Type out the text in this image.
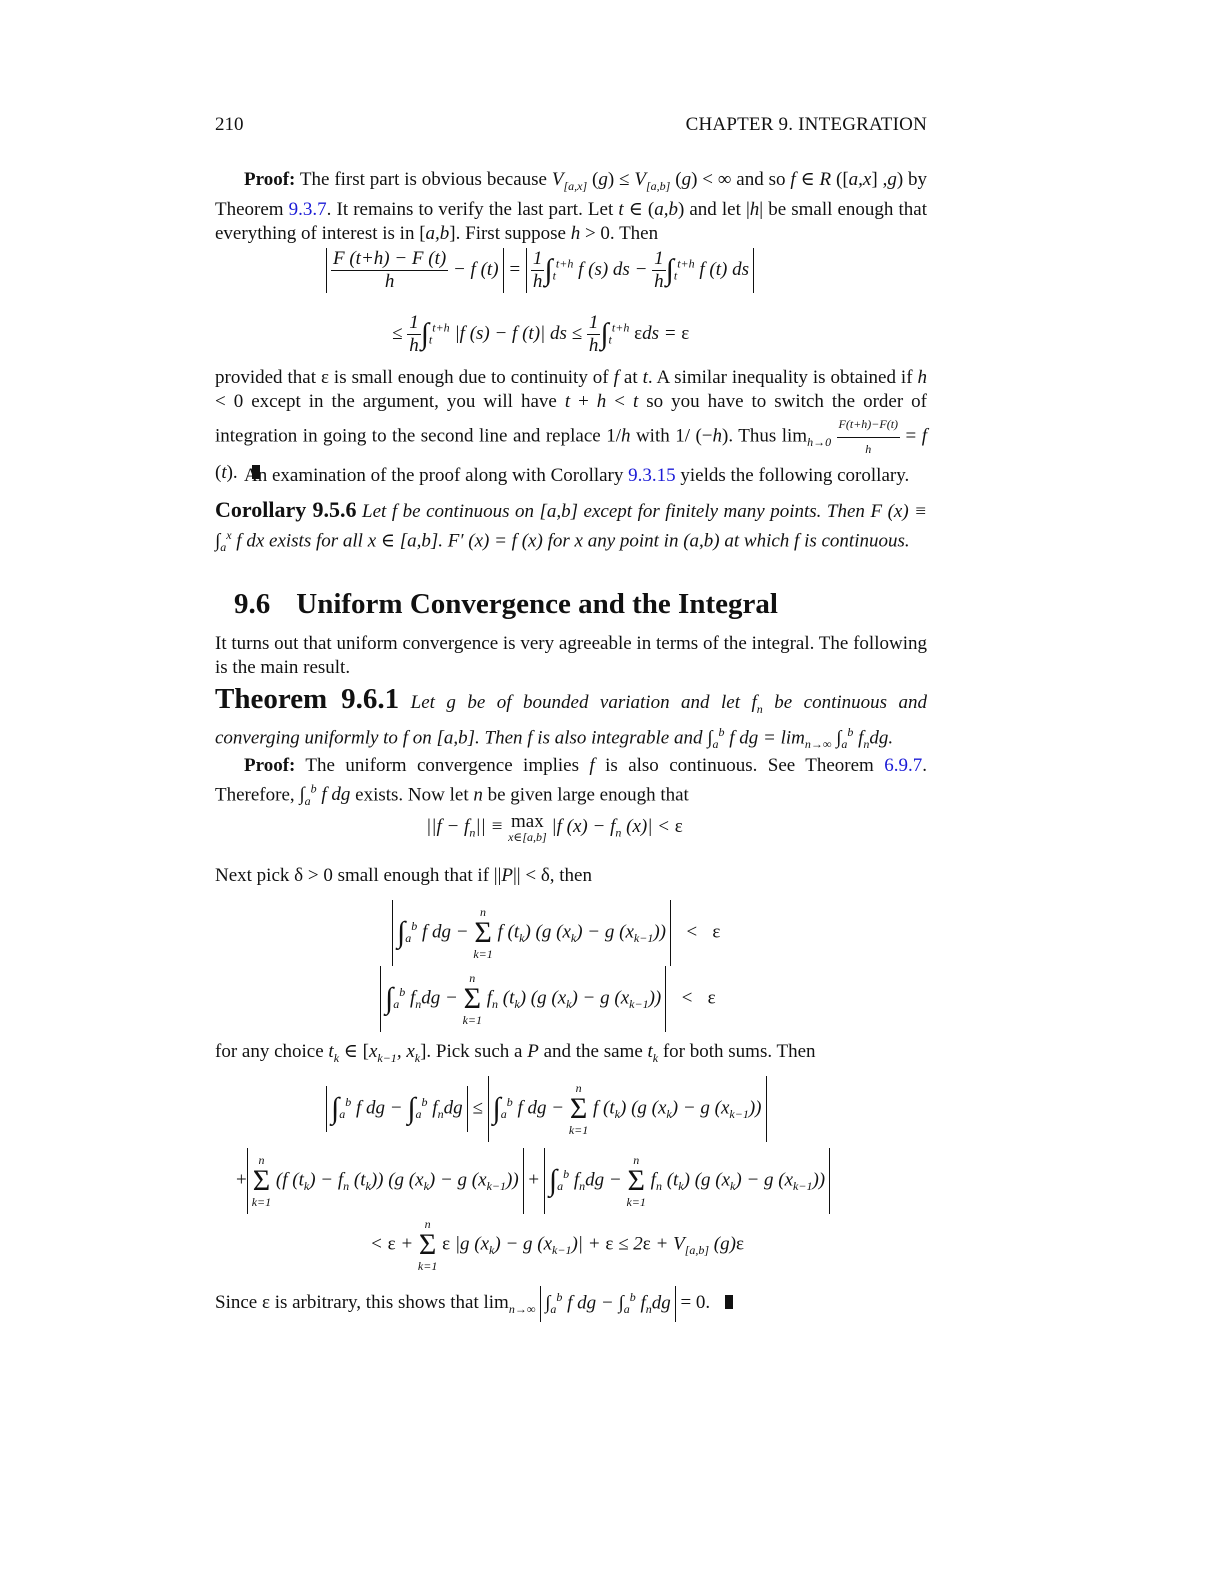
210	CHAPTER 9. INTEGRATION
Proof: The first part is obvious because $V_{[a,x]}$ $(g) \le V_{[a,b]}$ (g) < ∞ and so f ∈ R ([a,x] ,g) by Theorem 9.3.7. It remains to verify the last part. Let t ∈ (a,b) and let |h| be small enough that everything of interest is in [a,b]. First suppose h > 0. Then
$\frac{F (t+h) - F (t)}{h} - f$ $(t) = \frac{1}{h} \int_t^{t+h}$ f (s) ds − $\frac{1}{h} \int_t^{t+h}$ f (t) ds
≤ $\frac{1}{h} \int_t^{t+h}$ |f (s) − f (t)| ds ≤ $\frac{1}{h} \int_t^{t+h}$ εds = ε
provided that ε is small enough due to continuity of f at t. A similar inequality is obtained if h < 0 except in the argument, you will have t + h < t so you have to switch the order of integration in going to the second line and replace 1/h with 1/ (−h). Thus $\lim_{h\to 0} \frac{F(t+h)-F(t)}{h} = f$ (t). An examination of the proof along with Corollary 9.3.15 yields the following corollary.
Corollary 9.5.6 Let f be continuous on [a,b] except for finitely many points. Then F $(x) \equiv \int_a^x$ f dx exists for all x ∈ [a,b]. F′ (x) = f (x) for x any point in (a,b) at which f is continuous.
9.6 Uniform Convergence and the Integral
It turns out that uniform convergence is very agreeable in terms of the integral. The following is the main result.
Theorem 9.6.1 Let g be of bounded variation and let $f_n$ be continuous and converging uniformly to f on [a,b]. Then f is also integrable and $\int_a^b$ f dg = $\lim_{n\to\infty} \int_a^b$ $f_ndg$.
Proof: The uniform convergence implies f is also continuous. See Theorem 6.9.7. Therefore, $\int_a^b$ f dg exists. Now let n be given large enough that
$||f - f_n|| \equiv \max$
x∈[a,b]
|f $(x) - f_n$ (x)| < ε
Next pick δ > 0 small enough that if ||P|| < δ, then
$\int_a^b$ f dg −
n
Σ
k=1
f $(t_k)$ (g $(x_k) - g$ $(x_{k-1})) < \varepsilon$
$\int_a^b$ $f_ndg$ −
n
Σ
k=1
$f_n$ $(t_k)$ (g $(x_k) - g$ $(x_{k-1})) < \varepsilon$
for any choice $t_k$ ∈ [$x_{k-1}$, $x_k$]. Pick such a P and the same $t_k$ for both sums. Then
$\int_a^b$ f dg − $\int_a^b$ $f_ndg \le \int_a^b$ f dg −
n
Σ
k=1
f $(t_k)$ (g $(x_k) - g$ $(x_{k-1})$)
+
n
Σ
k=1
(f $(t_k) - f_n$ $(t_k)$) (g $(x_k) - g$ $(x_{k-1})) + \int_a^b$ $f_ndg$ −
n
Σ
k=1
$f_n$ $(t_k)$ (g $(x_k) - g$ $(x_{k-1})$)
< ε +
n
Σ
k=1
ε |g $(x_k) - g$ $(x_{k-1})| + \varepsilon \le 2\varepsilon + V_{[a,b]}$ (g)ε
Since ε is arbitrary, this shows that $\lim_{n\to\infty} \int_a^b$ f dg − $\int_a^b$ $f_ndg = 0$.
